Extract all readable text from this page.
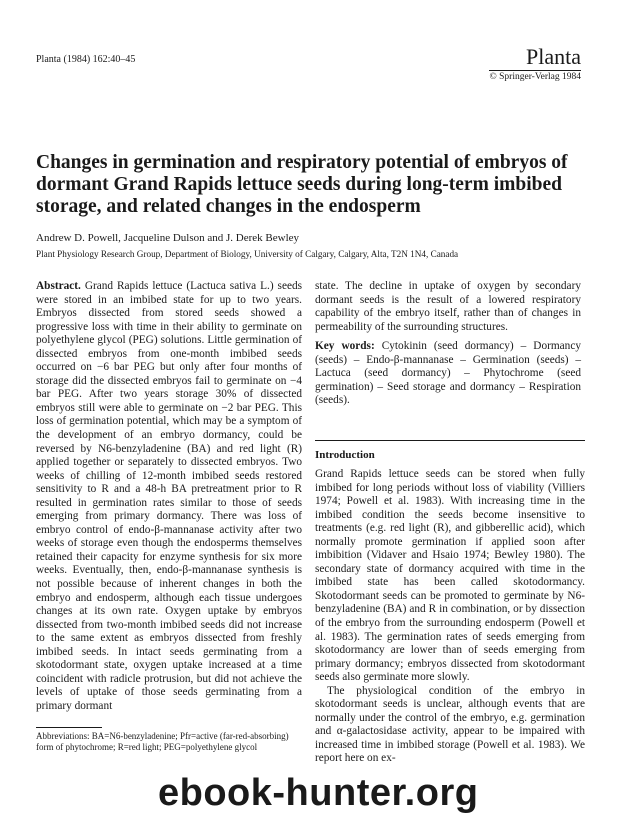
Planta (1984) 162:40–45	Planta
© Springer-Verlag 1984
Changes in germination and respiratory potential of embryos of dormant Grand Rapids lettuce seeds during long-term imbibed storage, and related changes in the endosperm
Andrew D. Powell, Jacqueline Dulson and J. Derek Bewley
Plant Physiology Research Group, Department of Biology, University of Calgary, Calgary, Alta, T2N 1N4, Canada

Abstract. Grand Rapids lettuce (Lactuca sativa L.) seeds were stored in an imbibed state for up to two years. Embryos dissected from stored seeds showed a progressive loss with time in their ability to germinate on polyethylene glycol (PEG) solutions. Little germination of dissected embryos from one-month imbibed seeds occurred on −6 bar PEG but only after four months of storage did the dissected embryos fail to germinate on −4 bar PEG. After two years storage 30% of dissected embryos still were able to germinate on −2 bar PEG. This loss of germination potential, which may be a symptom of the development of an embryo dormancy, could be reversed by N6-benzyladenine (BA) and red light (R) applied together or separately to dissected embryos. Two weeks of chilling of 12-month imbibed seeds restored sensitivity to R and a 48-h BA pretreatment prior to R resulted in germination rates similar to those of seeds emerging from primary dormancy. There was loss of embryo control of endo-β-mannanase activity after two weeks of storage even though the endosperms themselves retained their capacity for enzyme synthesis for six more weeks. Eventually, then, endo-β-mannanase synthesis is not possible because of inherent changes in both the embryo and endosperm, although each tissue undergoes changes at its own rate. Oxygen uptake by embryos dissected from two-month imbibed seeds did not increase to the same extent as embryos dissected from freshly imbibed seeds. In intact seeds germinating from a skotodormant state, oxygen uptake increased at a time coincident with radicle protrusion, but did not achieve the levels of uptake of those seeds germinating from a primary dormant

state. The decline in uptake of oxygen by secondary dormant seeds is the result of a lowered respiratory capability of the embryo itself, rather than of changes in permeability of the surrounding structures.

Key words: Cytokinin (seed dormancy) – Dormancy (seeds) – Endo-β-mannanase – Germination (seeds) – Lactuca (seed dormancy) – Phytochrome (seed germination) – Seed storage and dormancy – Respiration (seeds).

Introduction

Grand Rapids lettuce seeds can be stored when fully imbibed for long periods without loss of viability (Villiers 1974; Powell et al. 1983). With increasing time in the imbibed condition the seeds become insensitive to treatments (e.g. red light (R), and gibberellic acid), which normally promote germination if applied soon after imbibition (Vidaver and Hsaio 1974; Bewley 1980). The secondary state of dormancy acquired with time in the imbibed state has been called skotodormancy. Skotodormant seeds can be promoted to germinate by N6-benzyladenine (BA) and R in combination, or by dissection of the embryo from the surrounding endosperm (Powell et al. 1983). The germination rates of seeds emerging from skotodormancy are lower than of seeds emerging from primary dormancy; embryos dissected from skotodormant seeds also germinate more slowly.

The physiological condition of the embryo in skotodormant seeds is unclear, although events that are normally under the control of the embryo, e.g. germination and α-galactosidase activity, appear to be impaired with increased time in imbibed storage (Powell et al. 1983). We report here on ex-

Abbreviations: BA=N6-benzyladenine; Pfr=active (far-red-absorbing) form of phytochrome; R=red light; PEG=polyethylene glycol
ebook-hunter.org
